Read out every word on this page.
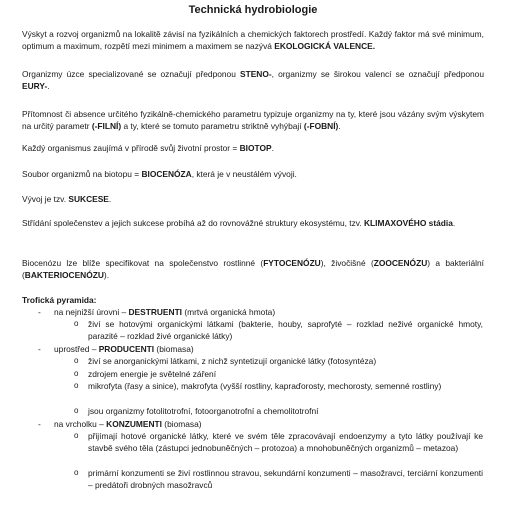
Technická hydrobiologie

Výskyt a rozvoj organizmů na lokalitě závisí na fyzikálních a chemických faktorech prostředí. Každý faktor má své minimum, optimum a maximum, rozpětí mezi minimem a maximem se nazývá EKOLOGICKÁ VALENCE.

Organizmy úzce specializované se označují předponou STENO-, organizmy se širokou valencí se označují předponou EURY-.

Přítomnost či absence určitého fyzikálně-chemického parametru typizuje organizmy na ty, které jsou vázány svým výskytem na určitý parametr (-FILNÍ) a ty, které se tomuto parametru striktně vyhýbají (-FOBNÍ).

Každý organismus zaujímá v přírodě svůj životní prostor = BIOTOP.

Soubor organizmů na biotopu = BIOCENÓZA, která je v neustálém vývoji.

Vývoj je tzv. SUKCESE.

Střídání společenstev a jejich sukcese probíhá až do rovnovážné struktury ekosystému, tzv. KLIMAXOVÉHO stádia.

Biocenózu lze blíže specifikovat na společenstvo rostlinné (FYTOCENÓZU), živočišné (ZOOCENÓZU) a bakteriální (BAKTERIOCENÓZU).

Trofická pyramida:

- na nejnižší úrovni – DESTRUENTI (mrtvá organická hmota)

o živí se hotovými organickými látkami (bakterie, houby, saprofyté – rozklad neživé organické hmoty, parazité – rozklad živé organické látky)

- uprostřed – PRODUCENTI (biomasa)

o živí se anorganickými látkami, z nichž syntetizují organické látky (fotosyntéza)

o zdrojem energie je světelné záření

o mikrofyta (řasy a sinice), makrofyta (vyšší rostliny, kapraďorosty, mechorosty, semenné rostliny)

o jsou organizmy fotolitotrofní, fotoorganotrofní a chemolitotrofní

- na vrcholku – KONZUMENTI (biomasa)

o přijímají hotové organické látky, které ve svém těle zpracovávají endoenzymy a tyto látky používají ke stavbě svého těla (zástupci jednobuněčných – protozoa) a mnohobuněčných organizmů – metazoa)

o primární konzumenti se živí rostlinnou stravou, sekundární konzumenti – masožravci, terciární konzumenti – predátoři drobných masožravců
